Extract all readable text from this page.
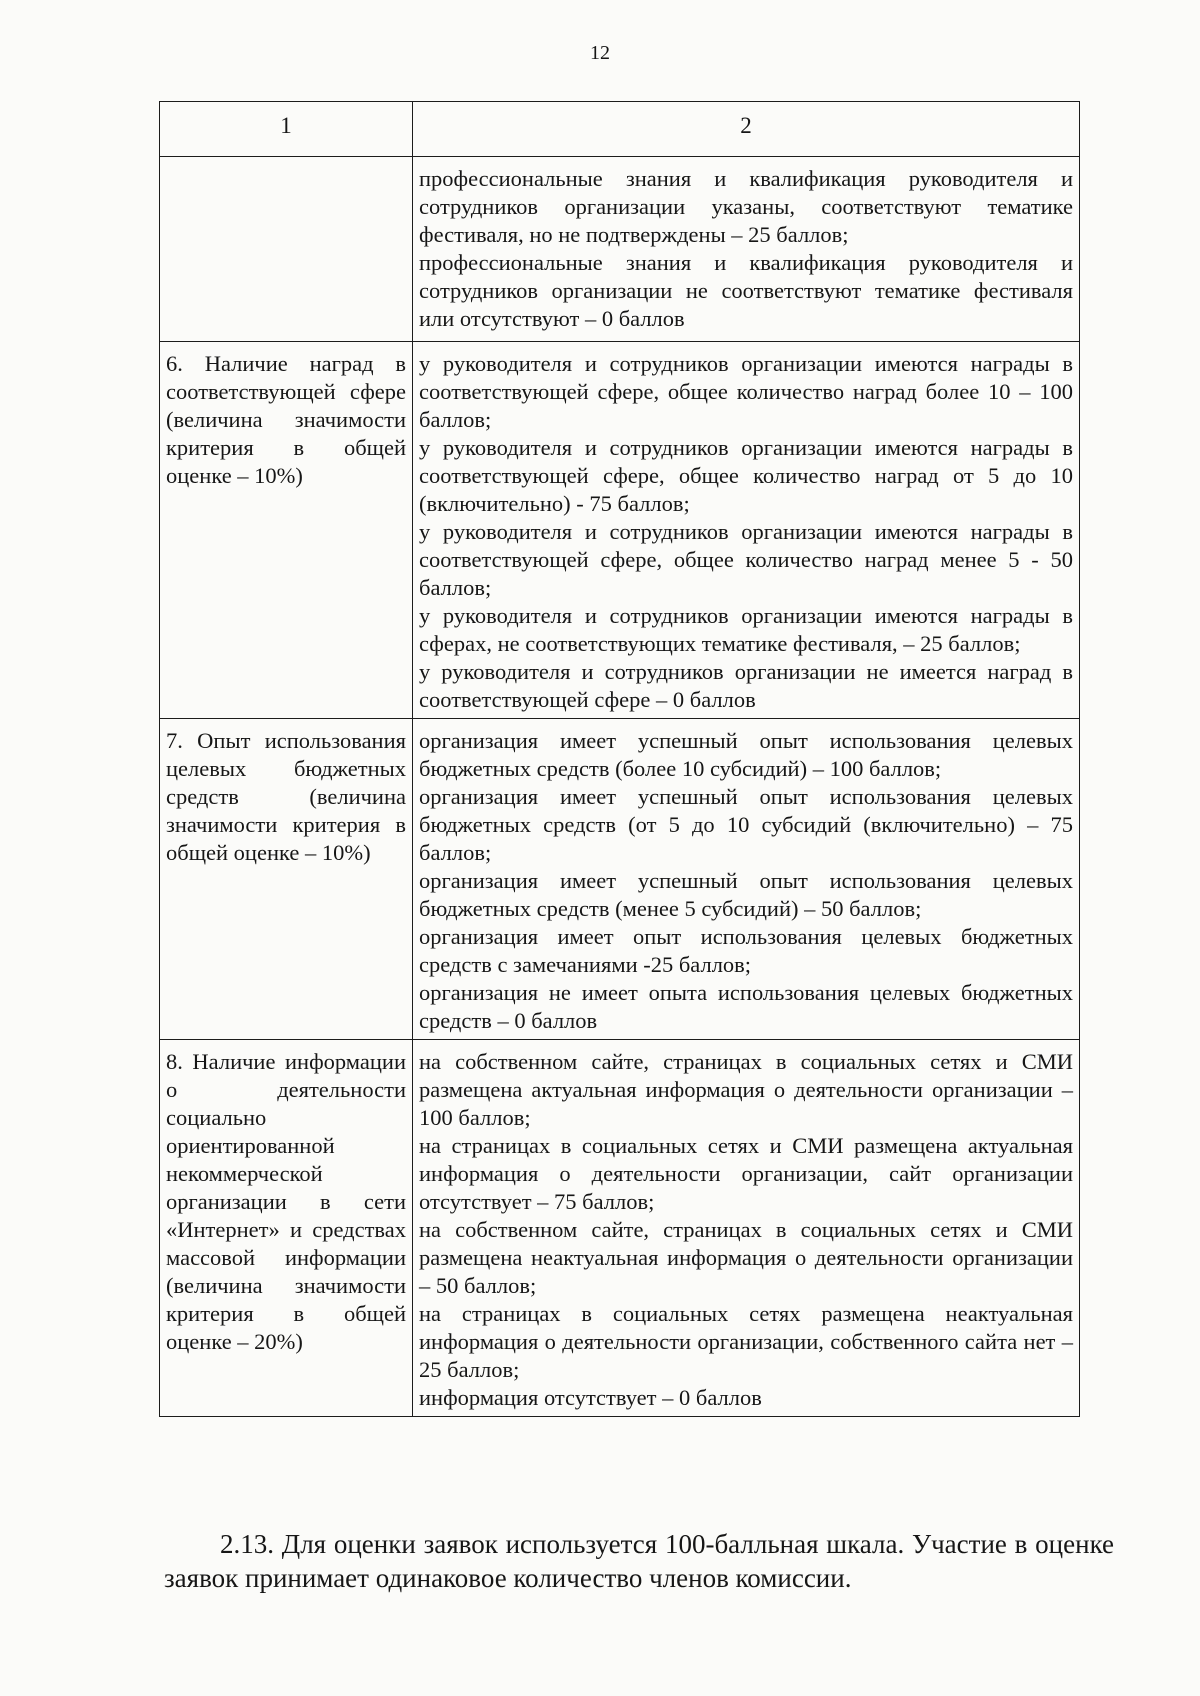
12
1	2

	профессиональные знания и квалификация руководителя и сотрудников организации указаны, соответствуют тематике фестиваля, но не подтверждены – 25 баллов;
профессиональные знания и квалификация руководителя и сотрудников организации не соответствуют тематике фестиваля или отсутствуют – 0 баллов

6. Наличие наград в соответствующей сфере (величина значимости критерия в общей оценке – 10%)	у руководителя и сотрудников организации имеются награды в соответствующей сфере, общее количество наград более 10 – 100 баллов;
у руководителя и сотрудников организации имеются награды в соответствующей сфере, общее количество наград от 5 до 10 (включительно) - 75 баллов;
у руководителя и сотрудников организации имеются награды в соответствующей сфере, общее количество наград менее 5 - 50 баллов;
у руководителя и сотрудников организации имеются награды в сферах, не соответствующих тематике фестиваля, – 25 баллов;
у руководителя и сотрудников организации не имеется наград в соответствующей сфере – 0 баллов

7. Опыт использования целевых бюджетных средств (величина значимости критерия в общей оценке – 10%)	организация имеет успешный опыт использования целевых бюджетных средств (более 10 субсидий) – 100 баллов;
организация имеет успешный опыт использования целевых бюджетных средств (от 5 до 10 субсидий (включительно) – 75 баллов;
организация имеет успешный опыт использования целевых бюджетных средств (менее 5 субсидий) – 50 баллов;
организация имеет опыт использования целевых бюджетных средств с замечаниями -25 баллов;
организация не имеет опыта использования целевых бюджетных средств – 0 баллов

8. Наличие информации о деятельности социально ориентированной некоммерческой организации в сети «Интернет» и средствах массовой информации (величина значимости критерия в общей оценке – 20%)	на собственном сайте, страницах в социальных сетях и СМИ размещена актуальная информация о деятельности организации – 100 баллов;
на страницах в социальных сетях и СМИ размещена актуальная информация о деятельности организации, сайт организации отсутствует – 75 баллов;
на собственном сайте, страницах в социальных сетях и СМИ размещена неактуальная информация о деятельности организации – 50 баллов;
на страницах в социальных сетях размещена неактуальная информация о деятельности организации, собственного сайта нет – 25 баллов;
информация отсутствует – 0 баллов

2.13. Для оценки заявок используется 100-балльная шкала. Участие в оценке заявок принимает одинаковое количество членов комиссии.
